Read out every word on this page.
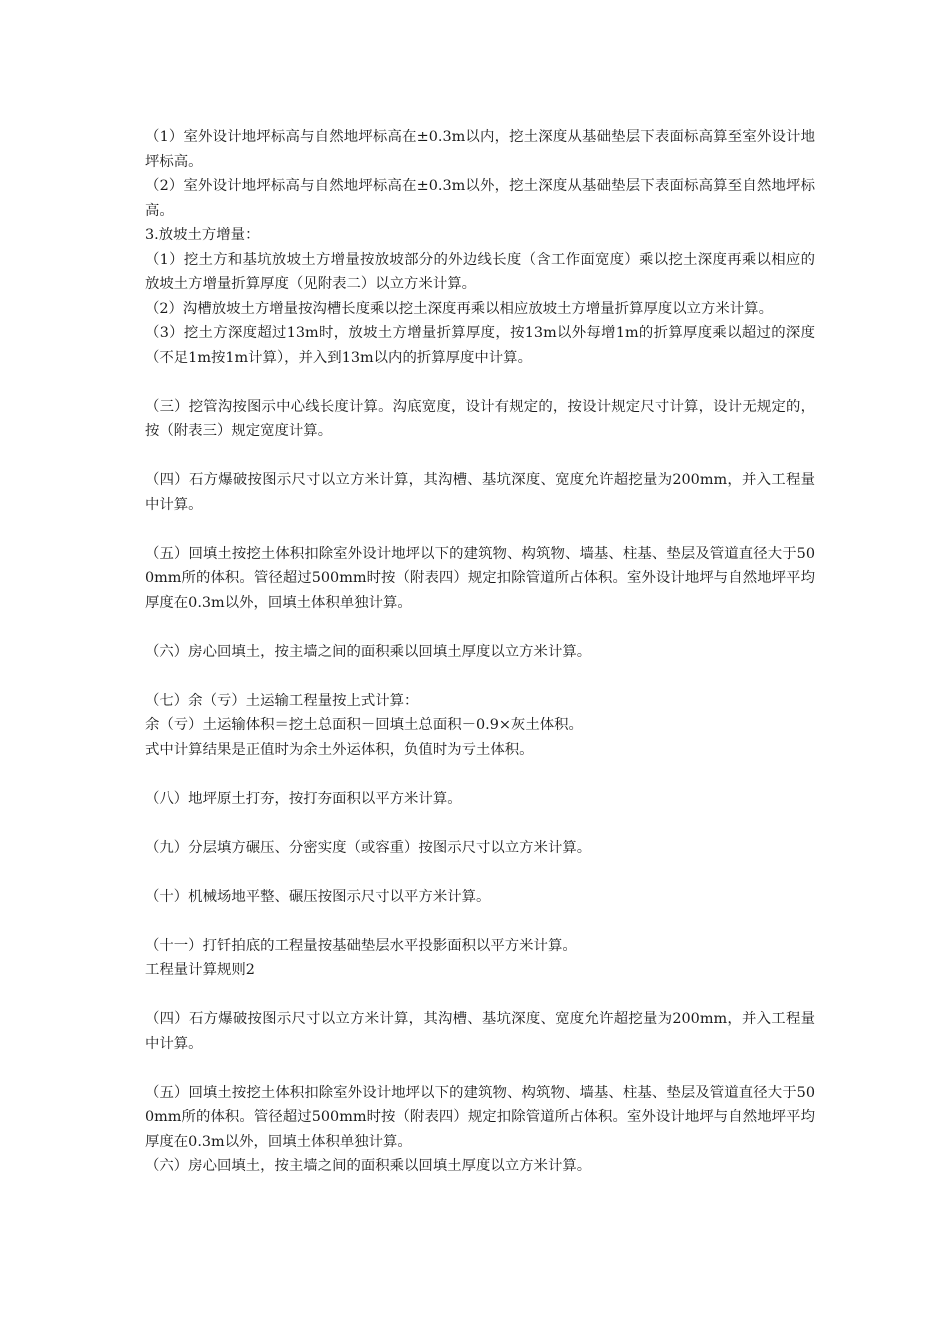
（1）室外设计地坪标高与自然地坪标高在±0.3m以内，挖土深度从基础垫层下表面标高算至室外设计地坪标高。
（2）室外设计地坪标高与自然地坪标高在±0.3m以外，挖土深度从基础垫层下表面标高算至自然地坪标高。
3.放坡土方增量：
（1）挖土方和基坑放坡土方增量按放坡部分的外边线长度（含工作面宽度）乘以挖土深度再乘以相应的放坡土方增量折算厚度（见附表二）以立方米计算。
（2）沟槽放坡土方增量按沟槽长度乘以挖土深度再乘以相应放坡土方增量折算厚度以立方米计算。
（3）挖土方深度超过13m时，放坡土方增量折算厚度，按13m以外每增1m的折算厚度乘以超过的深度（不足1m按1m计算），并入到13m以内的折算厚度中计算。
（三）挖管沟按图示中心线长度计算。沟底宽度，设计有规定的，按设计规定尺寸计算，设计无规定的，按（附表三）规定宽度计算。
（四）石方爆破按图示尺寸以立方米计算，其沟槽、基坑深度、宽度允许超挖量为200mm，并入工程量中计算。
（五）回填土按挖土体积扣除室外设计地坪以下的建筑物、构筑物、墙基、柱基、垫层及管道直径大于500mm所的体积。管径超过500mm时按（附表四）规定扣除管道所占体积。室外设计地坪与自然地坪平均厚度在0.3m以外，回填土体积单独计算。
（六）房心回填土，按主墙之间的面积乘以回填土厚度以立方米计算。
（七）余（亏）土运输工程量按上式计算：
余（亏）土运输体积＝挖土总面积－回填土总面积－0.9×灰土体积。
式中计算结果是正值时为余土外运体积，负值时为亏土体积。
（八）地坪原土打夯，按打夯面积以平方米计算。
（九）分层填方碾压、分密实度（或容重）按图示尺寸以立方米计算。
（十）机械场地平整、碾压按图示尺寸以平方米计算。
（十一）打钎拍底的工程量按基础垫层水平投影面积以平方米计算。
工程量计算规则2
（四）石方爆破按图示尺寸以立方米计算，其沟槽、基坑深度、宽度允许超挖量为200mm，并入工程量中计算。
（五）回填土按挖土体积扣除室外设计地坪以下的建筑物、构筑物、墙基、柱基、垫层及管道直径大于500mm所的体积。管径超过500mm时按（附表四）规定扣除管道所占体积。室外设计地坪与自然地坪平均厚度在0.3m以外，回填土体积单独计算。
（六）房心回填土，按主墙之间的面积乘以回填土厚度以立方米计算。
